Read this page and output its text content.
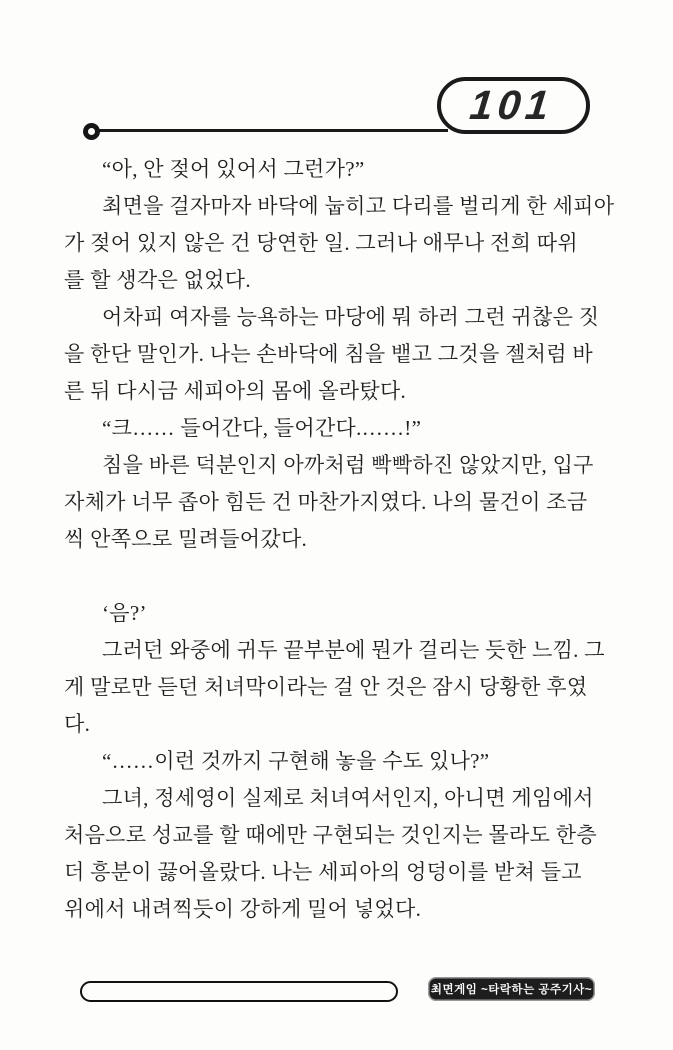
101

“아, 안 젖어 있어서 그런가?”

최면을 걸자마자 바닥에 눕히고 다리를 벌리게 한 세피아

가 젖어 있지 않은 건 당연한 일. 그러나 애무나 전희 따위

를 할 생각은 없었다.

어차피 여자를 능욕하는 마당에 뭐 하러 그런 귀찮은 짓

을 한단 말인가. 나는 손바닥에 침을 뱉고 그것을 젤처럼 바

른 뒤 다시금 세피아의 몸에 올라탔다.

“크…… 들어간다, 들어간다.……!”

침을 바른 덕분인지 아까처럼 빡빡하진 않았지만, 입구

자체가 너무 좁아 힘든 건 마찬가지였다. 나의 물건이 조금

씩 안쪽으로 밀려들어갔다.

‘음?’

그러던 와중에 귀두 끝부분에 뭔가 걸리는 듯한 느낌. 그

게 말로만 듣던 처녀막이라는 걸 안 것은 잠시 당황한 후였

다.

“……이런 것까지 구현해 놓을 수도 있나?”

그녀, 정세영이 실제로 처녀여서인지, 아니면 게임에서

처음으로 성교를 할 때에만 구현되는 것인지는 몰라도 한층

더 흥분이 끓어올랐다. 나는 세피아의 엉덩이를 받쳐 들고

위에서 내려찍듯이 강하게 밀어 넣었다.

최면게임 ~타락하는 공주기사~
